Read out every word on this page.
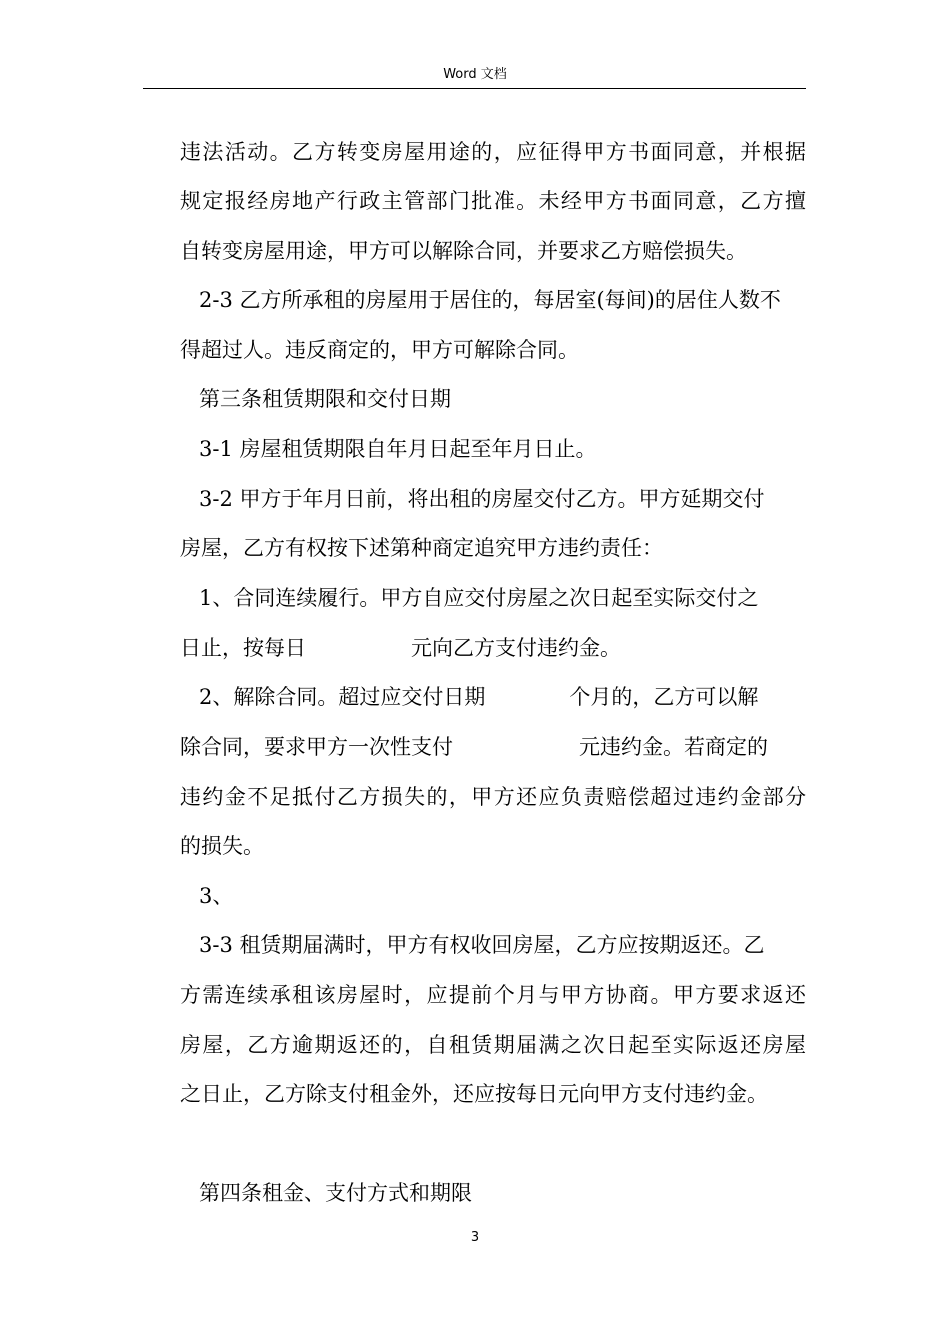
Word 文档
违法活动。乙方转变房屋用途的，应征得甲方书面同意，并根据
规定报经房地产行政主管部门批准。未经甲方书面同意，乙方擅
自转变房屋用途，甲方可以解除合同，并要求乙方赔偿损失。
2-3 乙方所承租的房屋用于居住的，每居室(每间)的居住人数不
得超过人。违反商定的，甲方可解除合同。
第三条租赁期限和交付日期
3-1 房屋租赁期限自年月日起至年月日止。
3-2 甲方于年月日前，将出租的房屋交付乙方。甲方延期交付
房屋，乙方有权按下述第种商定追究甲方违约责任：
1、合同连续履行。甲方自应交付房屋之次日起至实际交付之
日止，按每日　　　　　元向乙方支付违约金。
2、解除合同。超过应交付日期　　　　个月的，乙方可以解
除合同，要求甲方一次性支付　　　　　　元违约金。若商定的
违约金不足抵付乙方损失的，甲方还应负责赔偿超过违约金部分
的损失。
3、
3-3 租赁期届满时，甲方有权收回房屋，乙方应按期返还。乙
方需连续承租该房屋时，应提前个月与甲方协商。甲方要求返还
房屋，乙方逾期返还的，自租赁期届满之次日起至实际返还房屋
之日止，乙方除支付租金外，还应按每日元向甲方支付违约金。
第四条租金、支付方式和期限
3
